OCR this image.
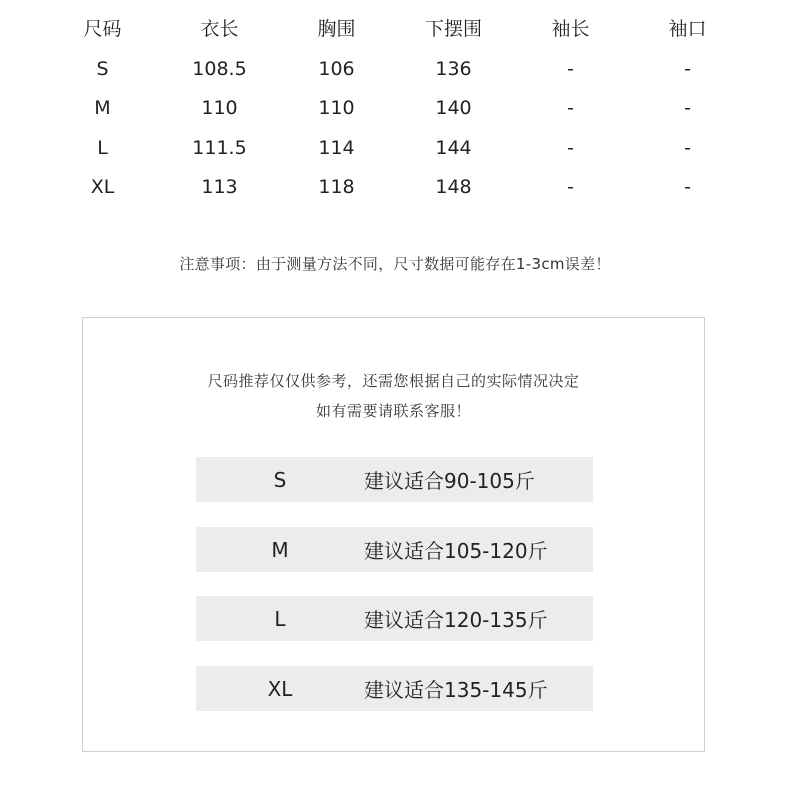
尺码	衣长	胸围	下摆围	袖长	袖口
S	108.5	106	136	-	-
M	110	110	140	-	-
L	111.5	114	144	-	-
XL	113	118	148	-	-
注意事项：由于测量方法不同，尺寸数据可能存在1-3cm误差！
尺码推荐仅仅供参考，还需您根据自己的实际情况决定
如有需要请联系客服！
S	建议适合90-105斤
M	建议适合105-120斤
L	建议适合120-135斤
XL	建议适合135-145斤
